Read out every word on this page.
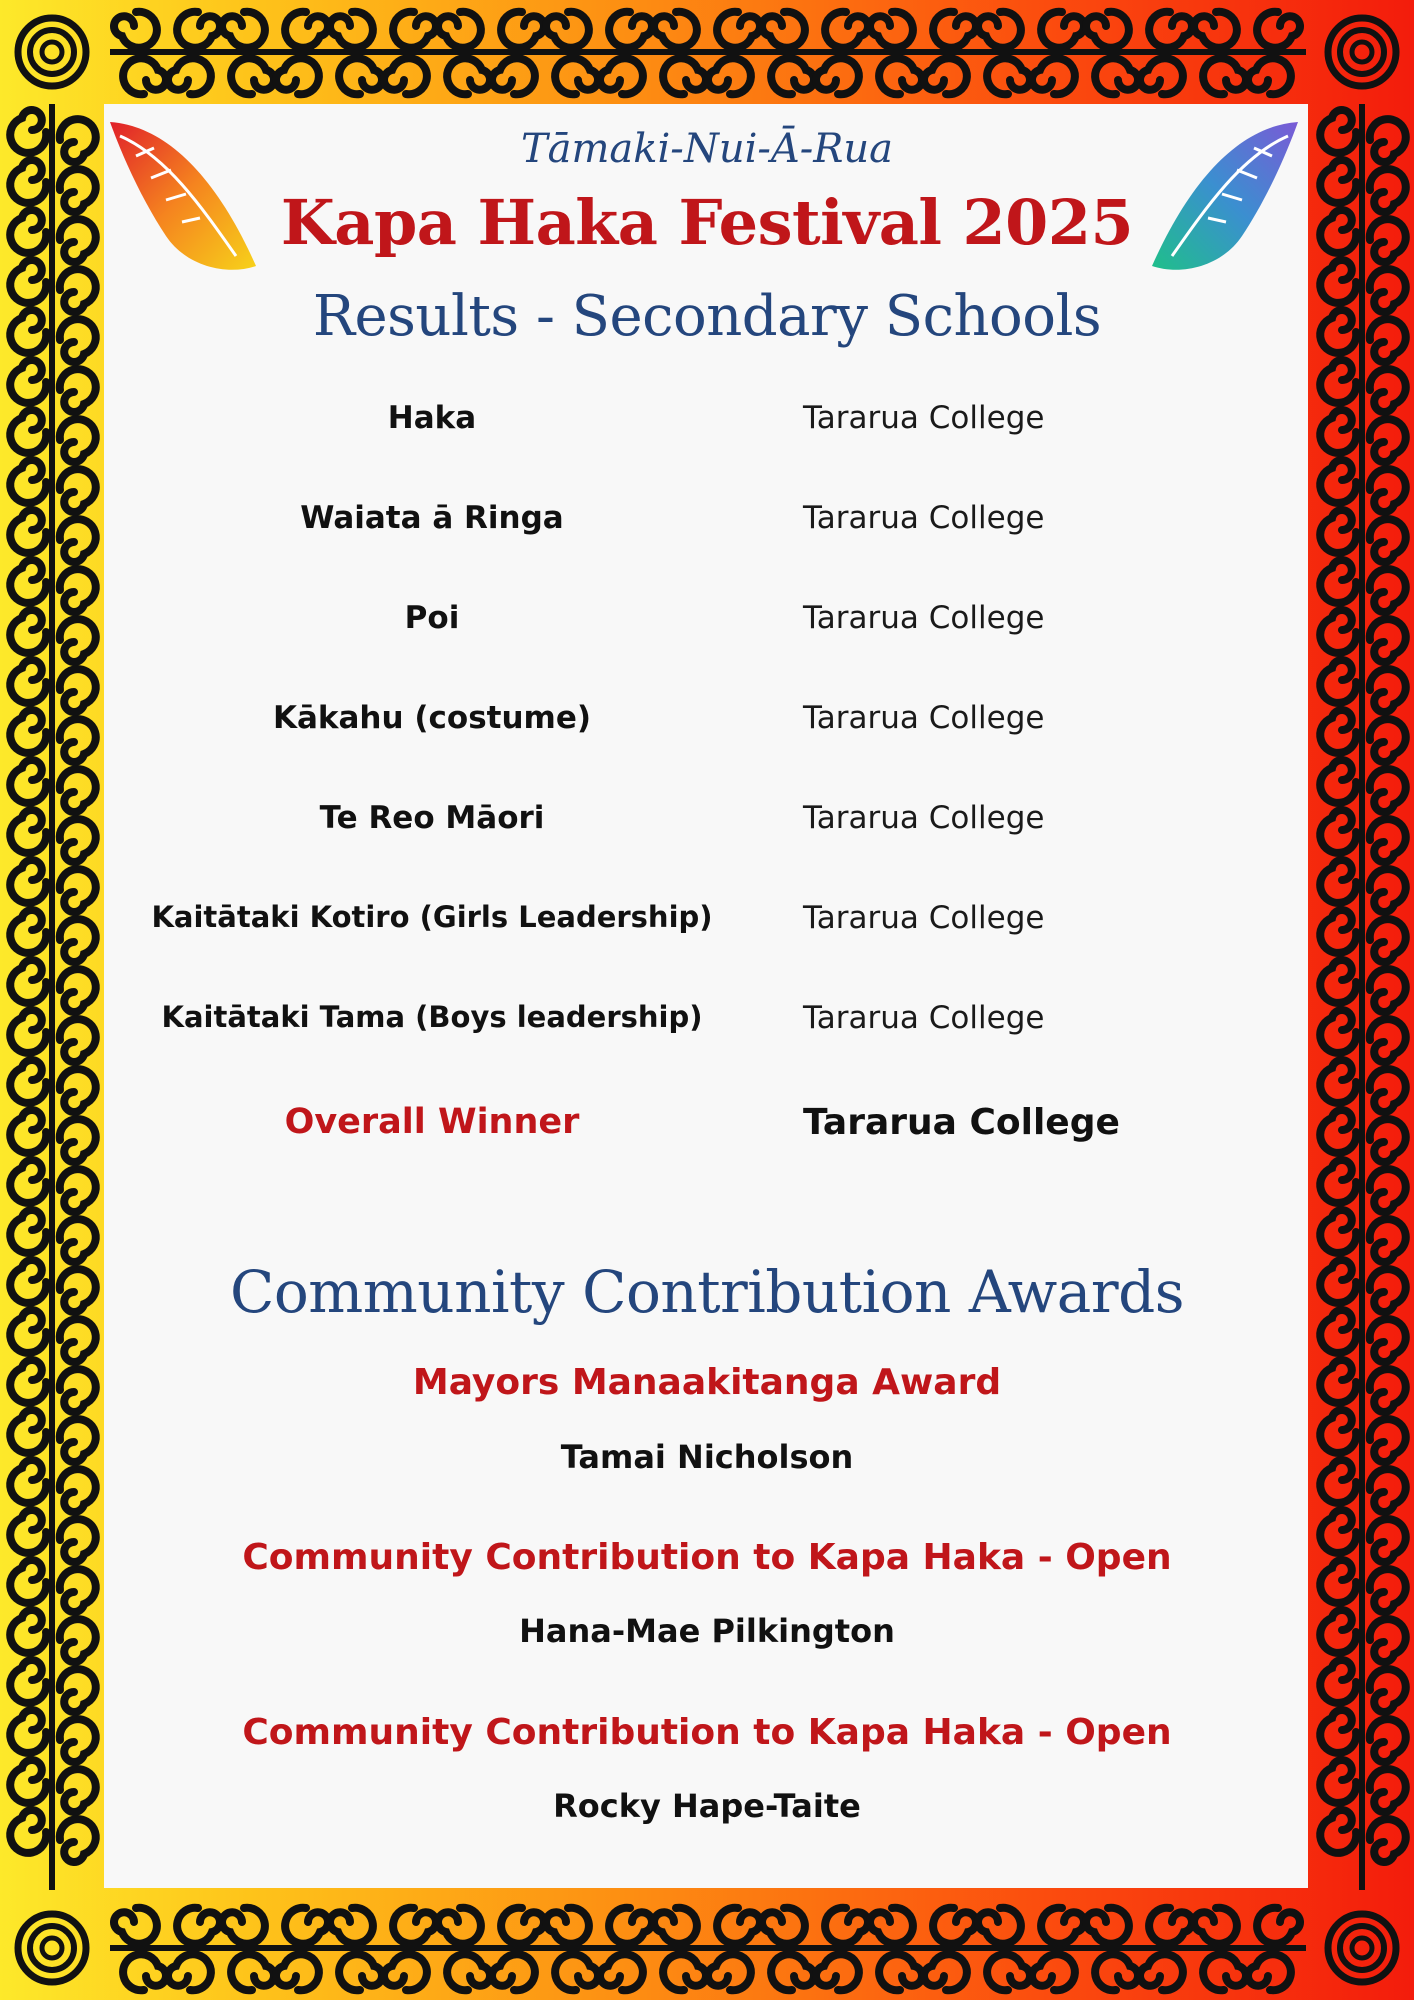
Tāmaki-Nui-Ā-Rua
Kapa Haka Festival 2025
Results - Secondary Schools
Haka	Tararua College
Waiata ā Ringa	Tararua College
Poi	Tararua College
Kākahu (costume)	Tararua College
Te Reo Māori	Tararua College
Kaitātaki Kotiro (Girls Leadership)	Tararua College
Kaitātaki Tama (Boys leadership)	Tararua College
Overall Winner	Tararua College
Community Contribution Awards
Mayors Manaakitanga Award
Tamai Nicholson
Community Contribution to Kapa Haka - Open
Hana-Mae Pilkington
Community Contribution to Kapa Haka - Open
Rocky Hape-Taite
